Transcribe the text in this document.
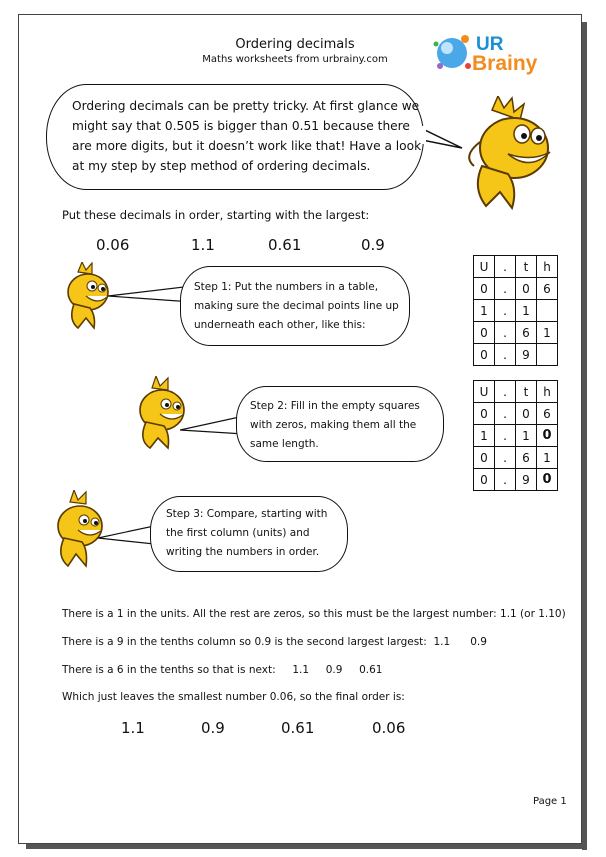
Ordering decimals
Maths worksheets from urbrainy.com
UR
Brainy
Ordering decimals can be pretty tricky. At first glance we might say that 0.505 is bigger than 0.51 because there are more digits, but it doesn’t work like that! Have a look at my step by step method of ordering decimals.
Put these decimals in order, starting with the largest:
0.06	1.1	0.61	0.9
Step 1: Put the numbers in a table, making sure the decimal points line up underneath each other, like this:
U	.	t	h
0	.	0	6
1	.	1	
0	.	6	1
0	.	9	
Step 2: Fill in the empty squares with zeros, making them all the same length.
U	.	t	h
0	.	0	6
1	.	1	0
0	.	6	1
0	.	9	0
Step 3: Compare, starting with the first column (units) and writing the numbers in order.
There is a 1 in the units. All the rest are zeros, so this must be the largest number: 1.1 (or 1.10)
There is a 9 in the tenths column so 0.9 is the second largest largest:  1.1      0.9
There is a 6 in the tenths so that is next:     1.1     0.9     0.61
Which just leaves the smallest number 0.06, so the final order is:
1.1	0.9	0.61	0.06
Page 1
